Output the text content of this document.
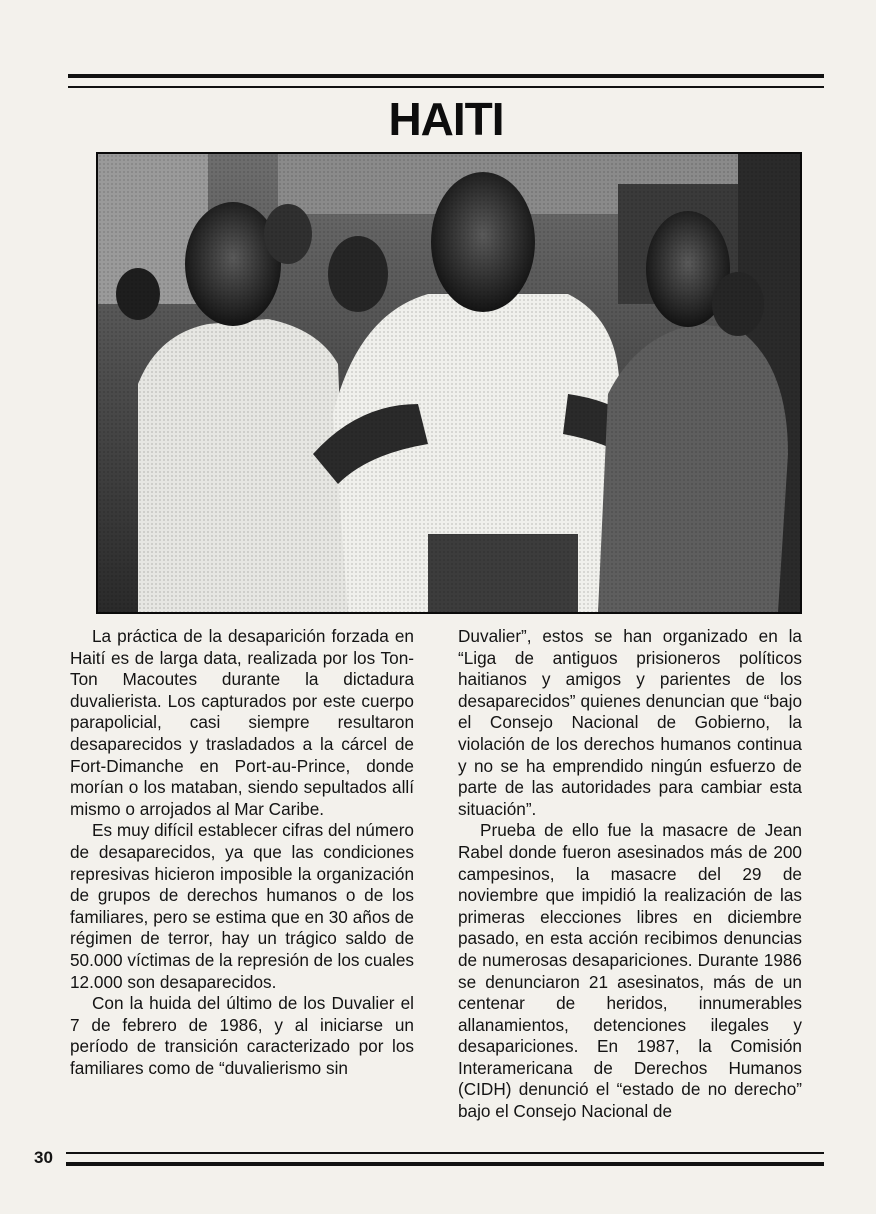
HAITI

La práctica de la desaparición forzada en Haití es de larga data, realizada por los Ton-Ton Macoutes durante la dictadura duvalierista. Los capturados por este cuerpo parapolicial, casi siempre resultaron desaparecidos y trasladados a la cárcel de Fort-Dimanche en Port-au-Prince, donde morían o los mataban, siendo sepultados allí mismo o arrojados al Mar Caribe.

Es muy difícil establecer cifras del número de desaparecidos, ya que las condiciones represivas hicieron imposible la organización de grupos de derechos humanos o de los familiares, pero se estima que en 30 años de régimen de terror, hay un trágico saldo de 50.000 víctimas de la represión de los cuales 12.000 son desaparecidos.

Con la huida del último de los Duvalier el 7 de febrero de 1986, y al iniciarse un período de transición caracterizado por los familiares como de “duvalierismo sin

Duvalier”, estos se han organizado en la “Liga de antiguos prisioneros políticos haitianos y amigos y parientes de los desaparecidos” quienes denuncian que “bajo el Consejo Nacional de Gobierno, la violación de los derechos humanos continua y no se ha emprendido ningún esfuerzo de parte de las autoridades para cambiar esta situación”.

Prueba de ello fue la masacre de Jean Rabel donde fueron asesinados más de 200 campesinos, la masacre del 29 de noviembre que impidió la realización de las primeras elecciones libres en diciembre pasado, en esta acción recibimos denuncias de numerosas desapariciones. Durante 1986 se denunciaron 21 asesinatos, más de un centenar de heridos, innumerables allanamientos, detenciones ilegales y desapariciones. En 1987, la Comisión Interamericana de Derechos Humanos (CIDH) denunció el “estado de no derecho” bajo el Consejo Nacional de

30
